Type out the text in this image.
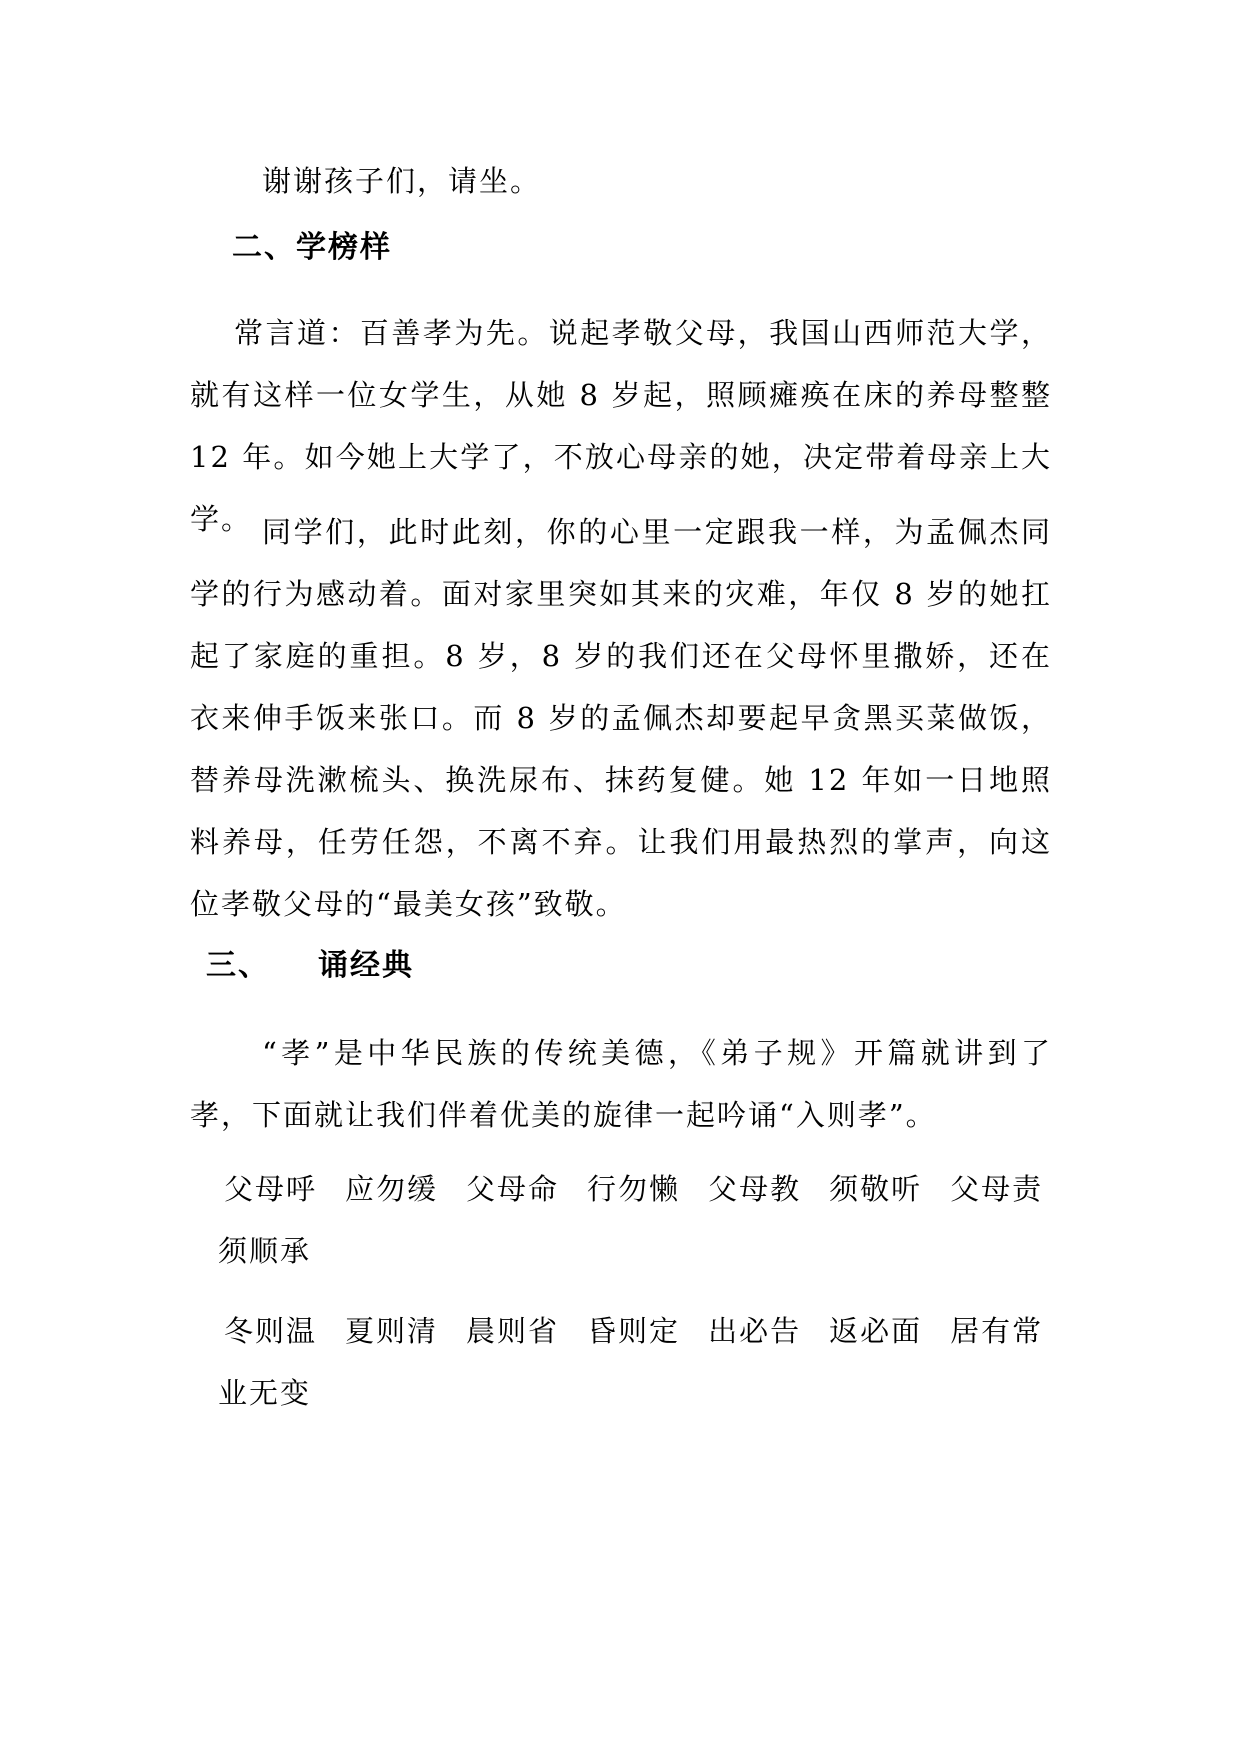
谢谢孩子们，请坐。

二、学榜样

常言道：百善孝为先。说起孝敬父母，我国山西师范大学，就有这样一位女学生，从她 8 岁起，照顾瘫痪在床的养母整整 12 年。如今她上大学了，不放心母亲的她，决定带着母亲上大学。 同学们，此时此刻，你的心里一定跟我一样，为孟佩杰同学的行为感动着。面对家里突如其来的灾难，年仅 8 岁的她扛起了家庭的重担。8 岁，8 岁的我们还在父母怀里撒娇，还在衣来伸手饭来张口。而 8 岁的孟佩杰却要起早贪黑买菜做饭，替养母洗漱梳头、换洗尿布、抹药复健。她 12 年如一日地照料养母，任劳任怨，不离不弃。让我们用最热烈的掌声，向这位孝敬父母的“最美女孩”致敬。

三、 诵经典

“孝”是中华民族的传统美德，《弟子规》开篇就讲到了孝，下面就让我们伴着优美的旋律一起吟诵“入则孝”。

父母呼 应勿缓 父母命 行勿懒 父母教 须敬听 父母责须顺承

冬则温 夏则清 晨则省 昏则定 出必告 返必面 居有常业无变
